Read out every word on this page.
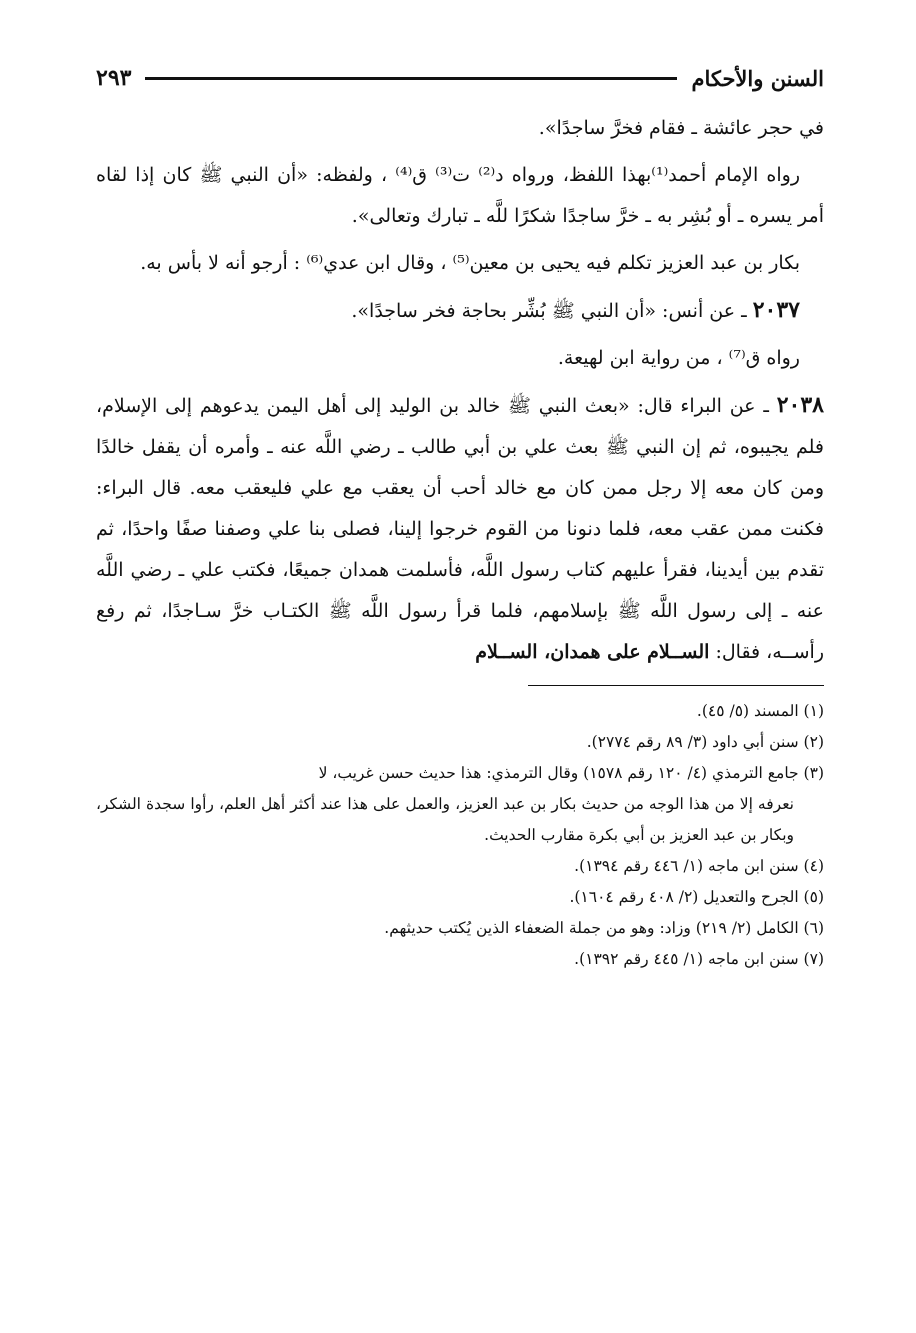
السنن والأحكام
٢٩٣

في حجر عائشة ـ فقام فخرَّ ساجدًا».

رواه الإمام أحمد⁽¹⁾بهذا اللفظ، ورواه د⁽²⁾ ت⁽³⁾ ق⁽⁴⁾ ، ولفظه: «أن النبي ﷺ كان إذا لقاه أمر يسره ـ أو بُشِر به ـ خرَّ ساجدًا شكرًا للَّه ـ تبارك وتعالى».

بكار بن عبد العزيز تكلم فيه يحيى بن معين⁽⁵⁾ ، وقال ابن عدي⁽⁶⁾ : أرجو أنه لا بأس به.

٢٠٣٧ ـ عن أنس: «أن النبي ﷺ بُشِّر بحاجة فخر ساجدًا».

رواه ق⁽⁷⁾ ، من رواية ابن لهيعة.

٢٠٣٨ ـ عن البراء قال: «بعث النبي ﷺ خالد بن الوليد إلى أهل اليمن يدعوهم إلى الإسلام، فلم يجيبوه، ثم إن النبي ﷺ بعث علي بن أبي طالب ـ رضي اللَّه عنه ـ وأمره أن يقفل خالدًا ومن كان معه إلا رجل ممن كان مع خالد أحب أن يعقب مع علي فليعقب معه. قال البراء: فكنت ممن عقب معه، فلما دنونا من القوم خرجوا إلينا، فصلى بنا علي وصفنا صفًا واحدًا، ثم تقدم بين أيدينا، فقرأ عليهم كتاب رسول اللَّه، فأسلمت همدان جميعًا، فكتب علي ـ رضي اللَّه عنه ـ إلى رسول اللَّه ﷺ بإسلامهم، فلما قرأ رسول اللَّه ﷺ الكتـاب خرَّ سـاجدًا، ثم رفع رأســه، فقال: الســلام على همدان، الســلام

(١) المسند (٥/ ٤٥).

(٢) سنن أبي داود (٣/ ٨٩ رقم ٢٧٧٤).

(٣) جامع الترمذي (٤/ ١٢٠ رقم ١٥٧٨) وقال الترمذي: هذا حديث حسن غريب، لا
نعرفه إلا من هذا الوجه من حديث بكار بن عبد العزيز، والعمل على هذا عند أكثر أهل العلم، رأوا سجدة الشكر، وبكار بن عبد العزيز بن أبي بكرة مقارب الحديث.

(٤) سنن ابن ماجه (١/ ٤٤٦ رقم ١٣٩٤).

(٥) الجرح والتعديل (٢/ ٤٠٨ رقم ١٦٠٤).

(٦) الكامل (٢/ ٢١٩) وزاد: وهو من جملة الضعفاء الذين يُكتب حديثهم.

(٧) سنن ابن ماجه (١/ ٤٤٥ رقم ١٣٩٢).
